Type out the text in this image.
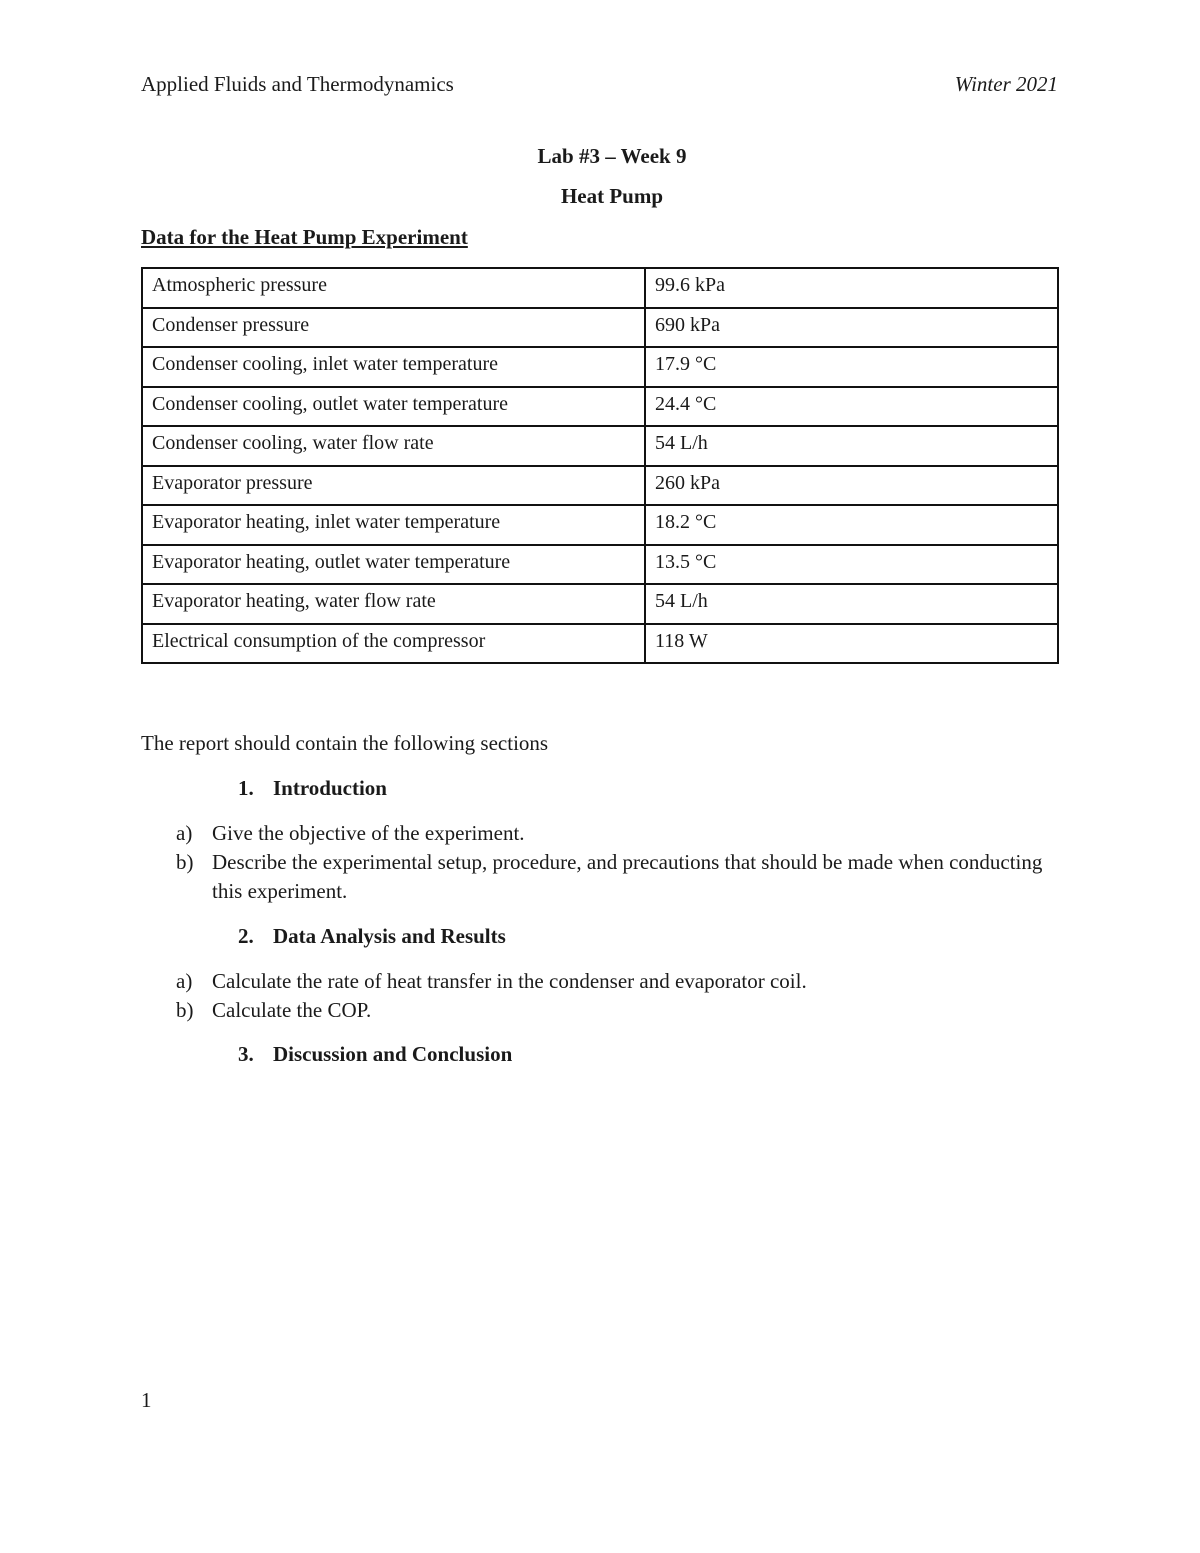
Applied Fluids and Thermodynamics	Winter 2021
Lab #3 – Week 9
Heat Pump
Data for the Heat Pump Experiment
Atmospheric pressure	99.6 kPa
Condenser pressure	690 kPa
Condenser cooling, inlet water temperature	17.9 °C
Condenser cooling, outlet water temperature	24.4 °C
Condenser cooling, water flow rate	54 L/h
Evaporator pressure	260 kPa
Evaporator heating, inlet water temperature	18.2 °C
Evaporator heating, outlet water temperature	13.5 °C
Evaporator heating, water flow rate	54 L/h
Electrical consumption of the compressor	118 W
The report should contain the following sections
1. Introduction
a) Give the objective of the experiment.
b) Describe the experimental setup, procedure, and precautions that should be made when conducting this experiment.
2. Data Analysis and Results
a) Calculate the rate of heat transfer in the condenser and evaporator coil.
b) Calculate the COP.
3. Discussion and Conclusion
1
